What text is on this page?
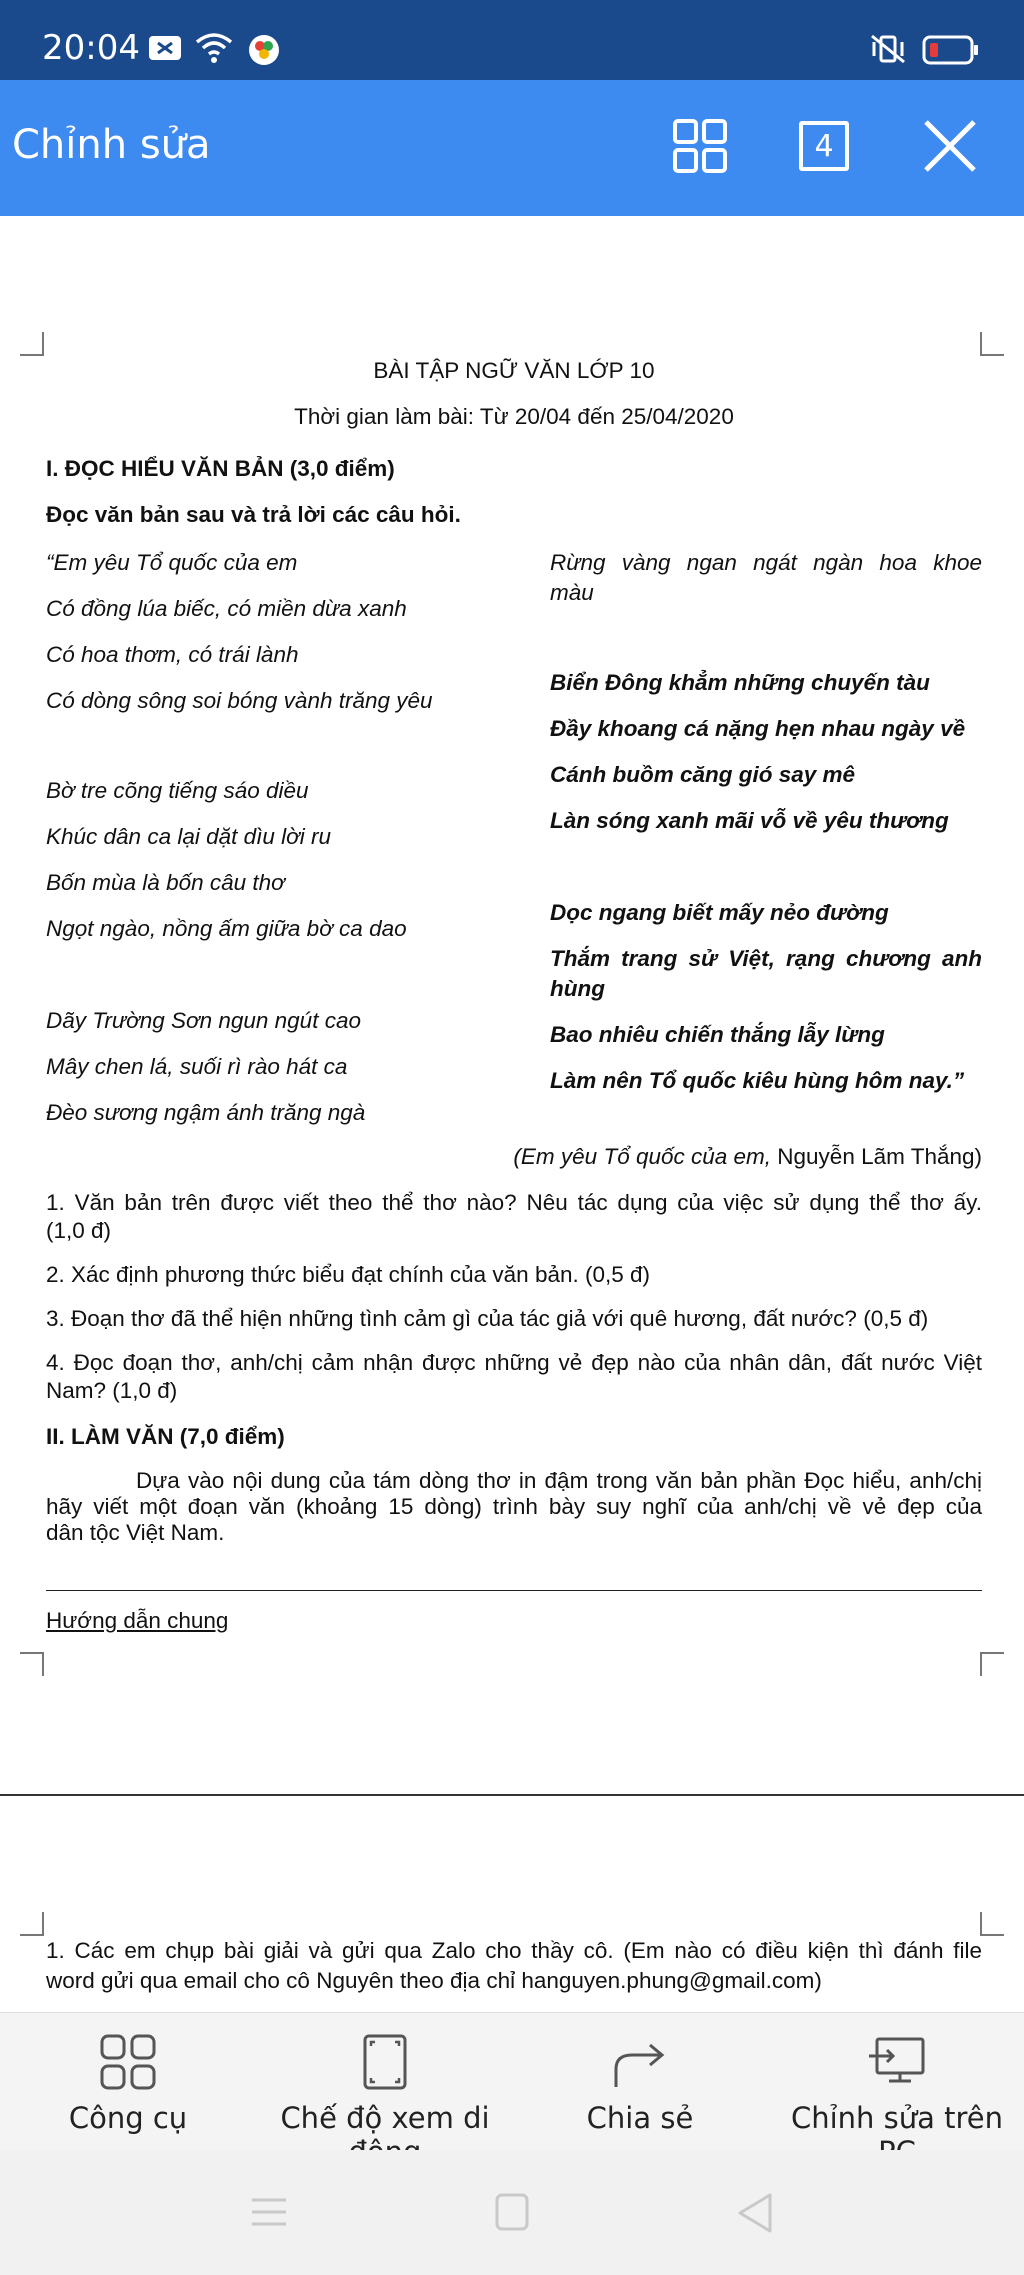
20:04
Chỉnh sửa	4
BÀI TẬP NGỮ VĂN LỚP 10
Thời gian làm bài: Từ 20/04 đến 25/04/2020
I. ĐỌC HIỂU VĂN BẢN (3,0 điểm)
Đọc văn bản sau và trả lời các câu hỏi.
“Em yêu Tổ quốc của em
Có đồng lúa biếc, có miền dừa xanh
Có hoa thơm, có trái lành
Có dòng sông soi bóng vành trăng yêu
Bờ tre cõng tiếng sáo diều
Khúc dân ca lại dặt dìu lời ru
Bốn mùa là bốn câu thơ
Ngọt ngào, nồng ấm giữa bờ ca dao
Dãy Trường Sơn ngun ngút cao
Mây chen lá, suối rì rào hát ca
Đèo sương ngậm ánh trăng ngà
Rừng vàng ngan ngát ngàn hoa khoe
màu
Biển Đông khẳm những chuyến tàu
Đầy khoang cá nặng hẹn nhau ngày về
Cánh buồm căng gió say mê
Làn sóng xanh mãi vỗ về yêu thương
Dọc ngang biết mấy nẻo đường
Thắm trang sử Việt, rạng chương anh
hùng
Bao nhiêu chiến thắng lẫy lừng
Làm nên Tổ quốc kiêu hùng hôm nay.”
(Em yêu Tổ quốc của em, Nguyễn Lãm Thắng)
1. Văn bản trên được viết theo thể thơ nào? Nêu tác dụng của việc sử dụng thể thơ ấy.
(1,0 đ)
2. Xác định phương thức biểu đạt chính của văn bản. (0,5 đ)
3. Đoạn thơ đã thể hiện những tình cảm gì của tác giả với quê hương, đất nước? (0,5 đ)
4. Đọc đoạn thơ, anh/chị cảm nhận được những vẻ đẹp nào của nhân dân, đất nước Việt
Nam? (1,0 đ)
II. LÀM VĂN (7,0 điểm)
Dựa vào nội dung của tám dòng thơ in đậm trong văn bản phần Đọc hiểu, anh/chị
hãy viết một đoạn văn (khoảng 15 dòng) trình bày suy nghĩ của anh/chị về vẻ đẹp của
dân tộc Việt Nam.
Hướng dẫn chung
1. Các em chụp bài giải và gửi qua Zalo cho thầy cô. (Em nào có điều kiện thì đánh file
word gửi qua email cho cô Nguyên theo địa chỉ hanguyen.phung@gmail.com)
Công cụ	Chế độ xem di	Chia sẻ	Chỉnh sửa trên
